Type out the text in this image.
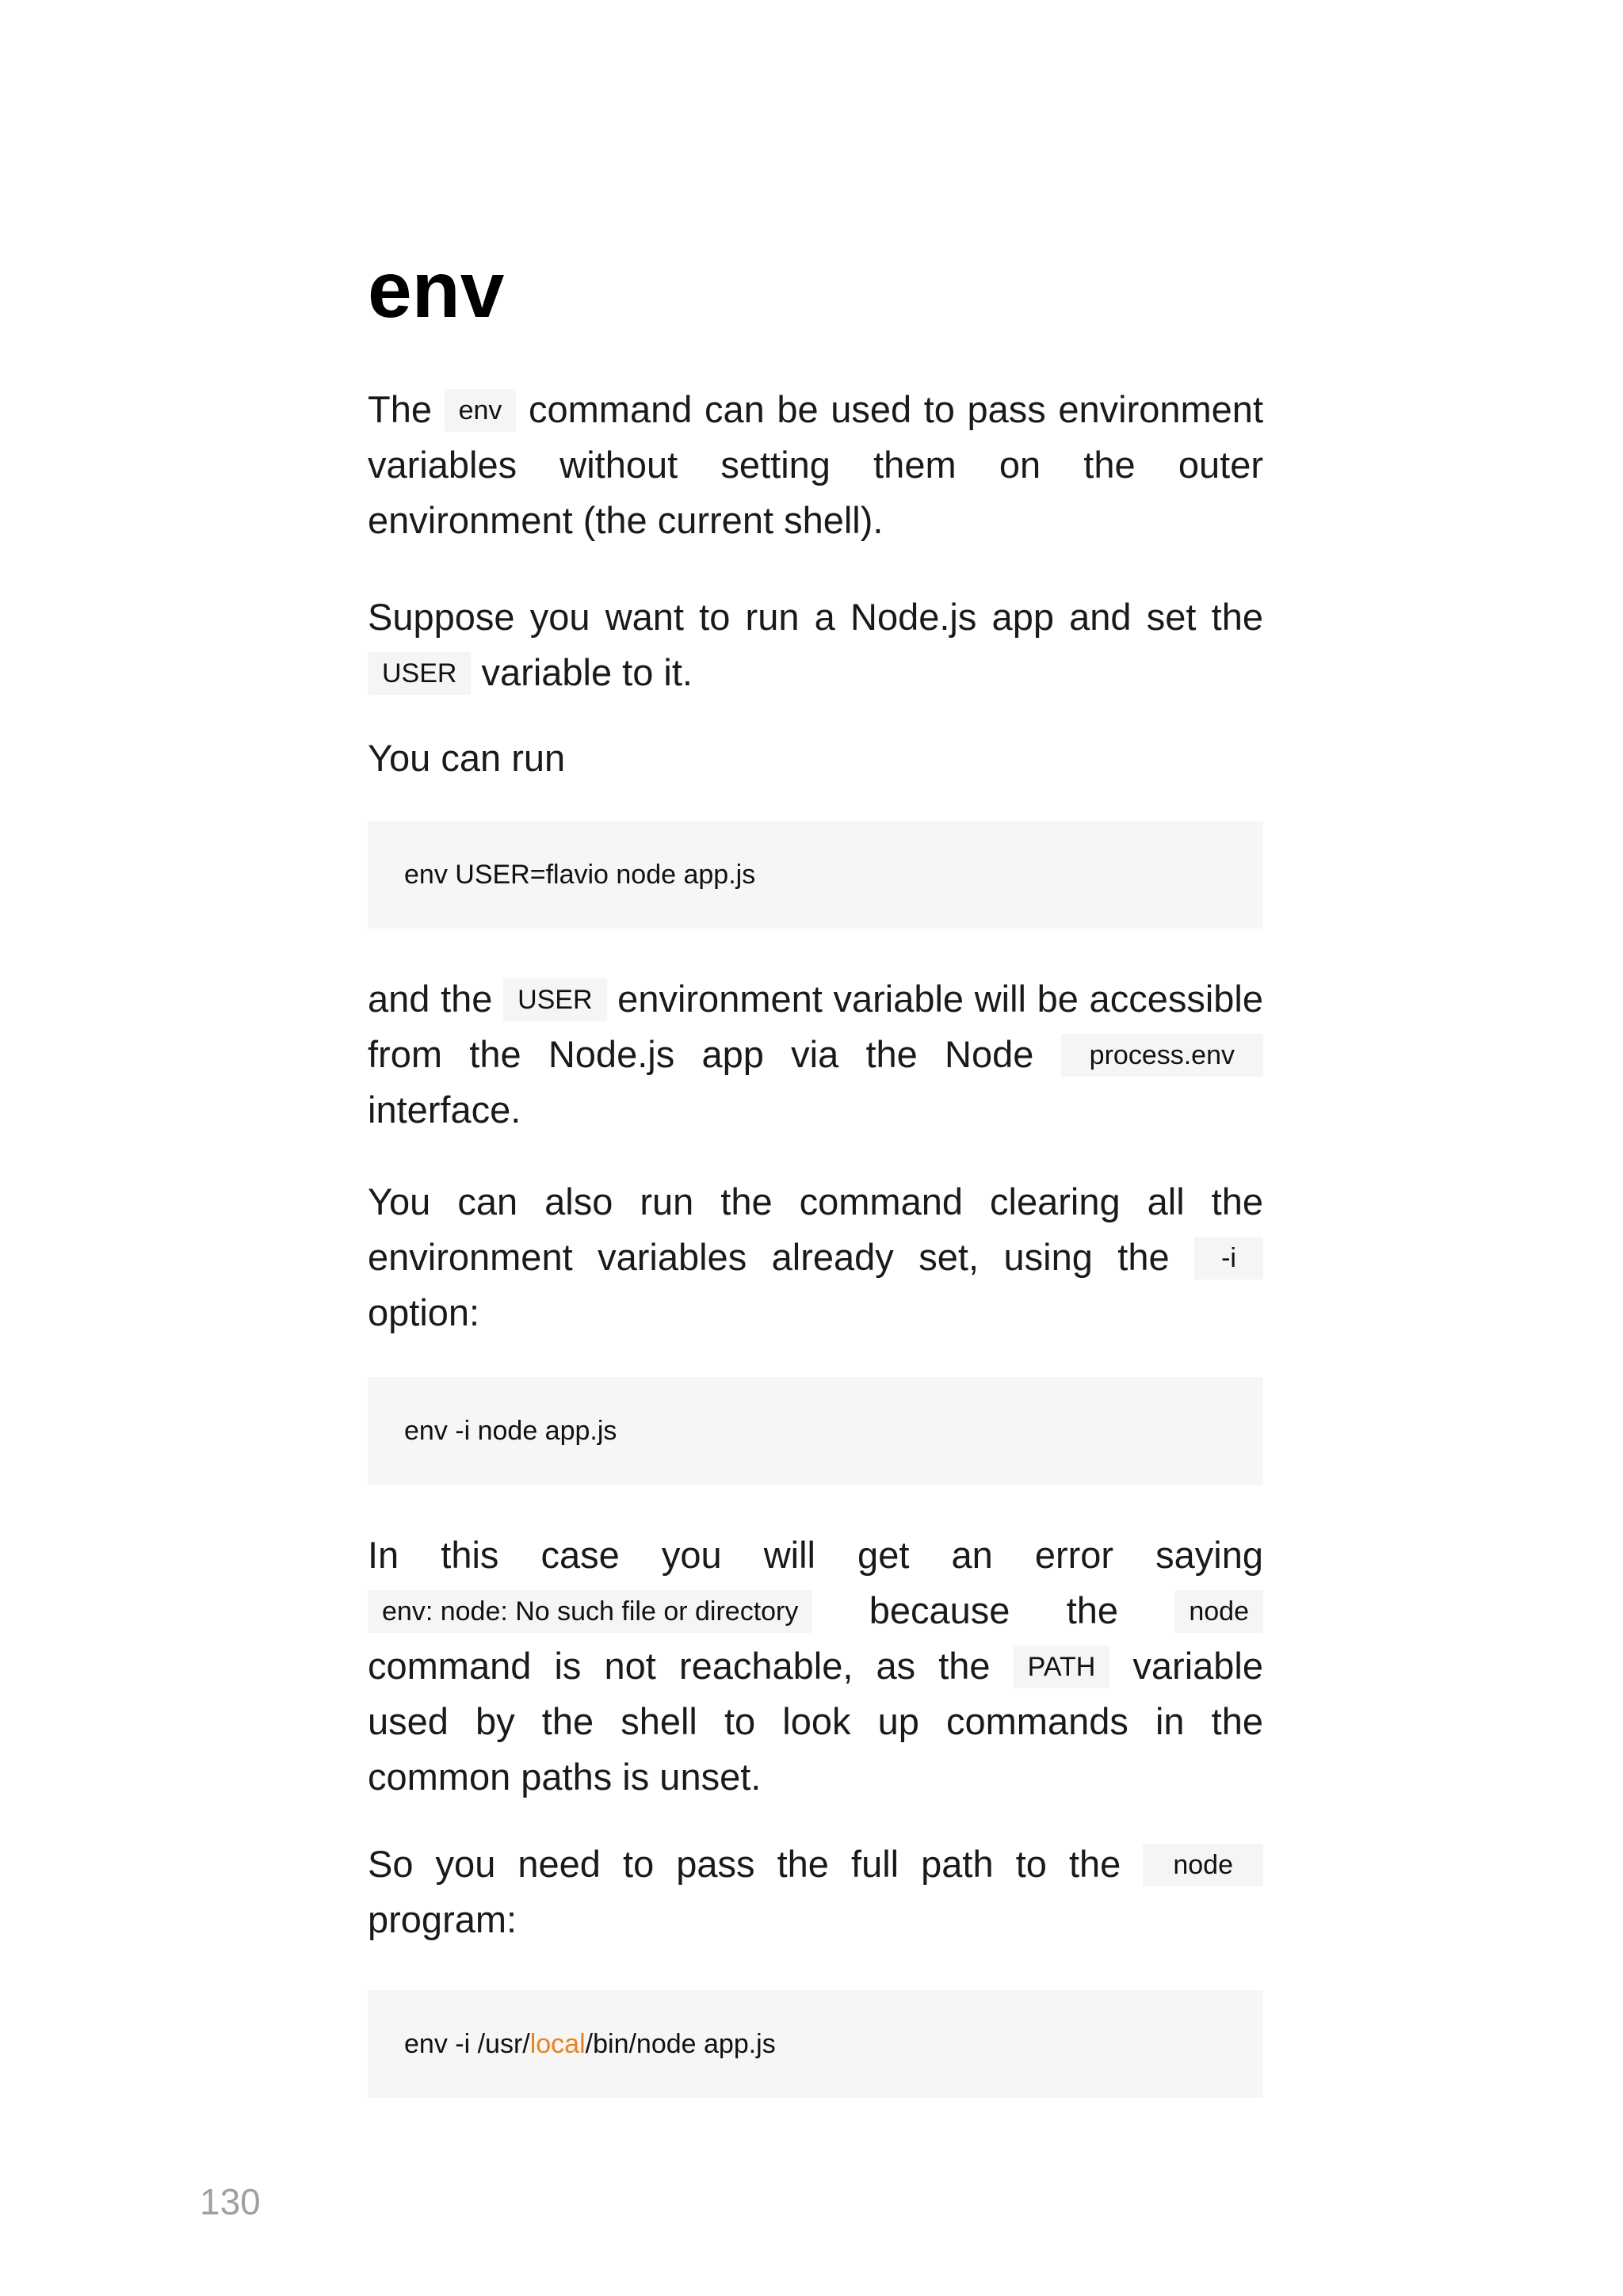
env

The env command can be used to pass environment variables without setting them on the outer environment (the current shell).

Suppose you want to run a Node.js app and set the USER variable to it.

You can run

env USER=flavio node app.js

and the USER environment variable will be accessible from the Node.js app via the Node process.env interface.

You can also run the command clearing all the environment variables already set, using the -i option:

env -i node app.js

In this case you will get an error saying env: node: No such file or directory because the node command is not reachable, as the PATH variable used by the shell to look up commands in the common paths is unset.

So you need to pass the full path to the node program:

env -i /usr/ local /bin/node app.js
130
